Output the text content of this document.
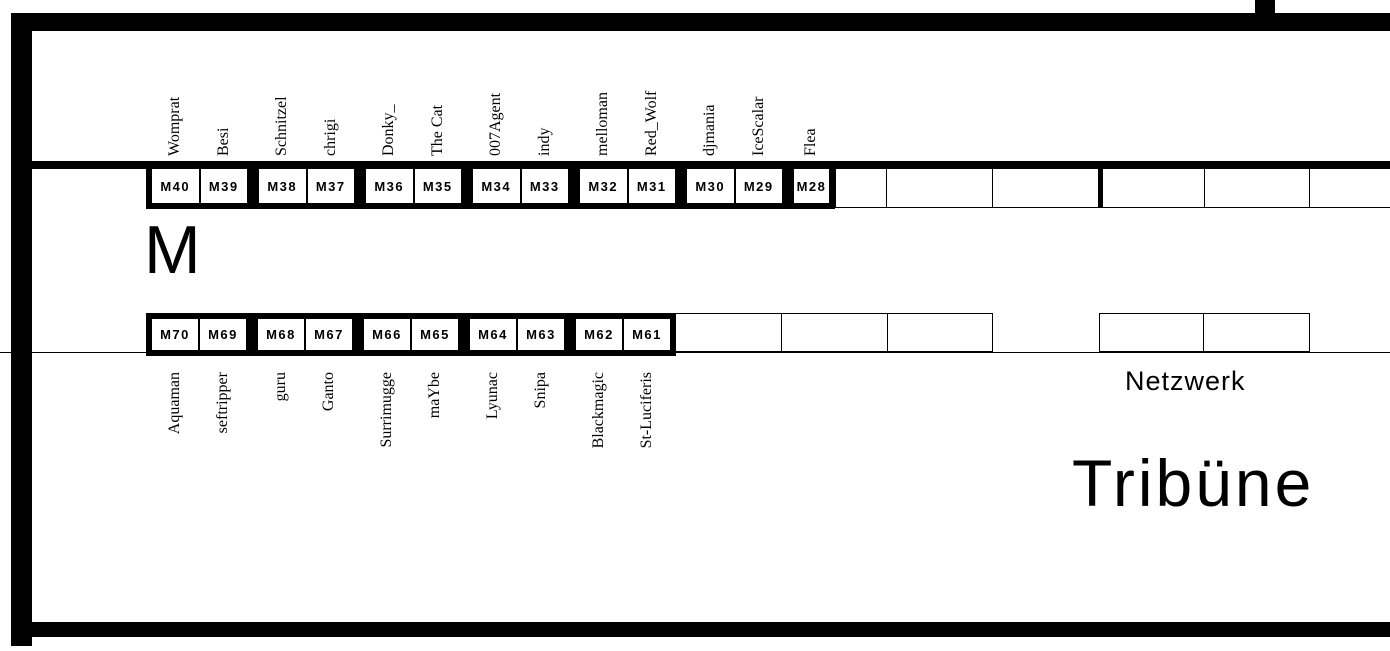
M
Netzwerk
Tribüne
M40	M39
Womprat Besi
M38	M37
Schnitzel chrigi
M36	M35
Donky_ The Cat
M34	M33
007Agent indy
M32	M31
melloman Red_Wolf
M30	M29
djmania IceScalar
M28
Flea
M70	M69
Aquaman seftripper
M68	M67
guru Ganto
M66	M65
Surrimugge maYbe
M64	M63
Lyunac Snipa
M62	M61
Blackmagic St-Luciferis
